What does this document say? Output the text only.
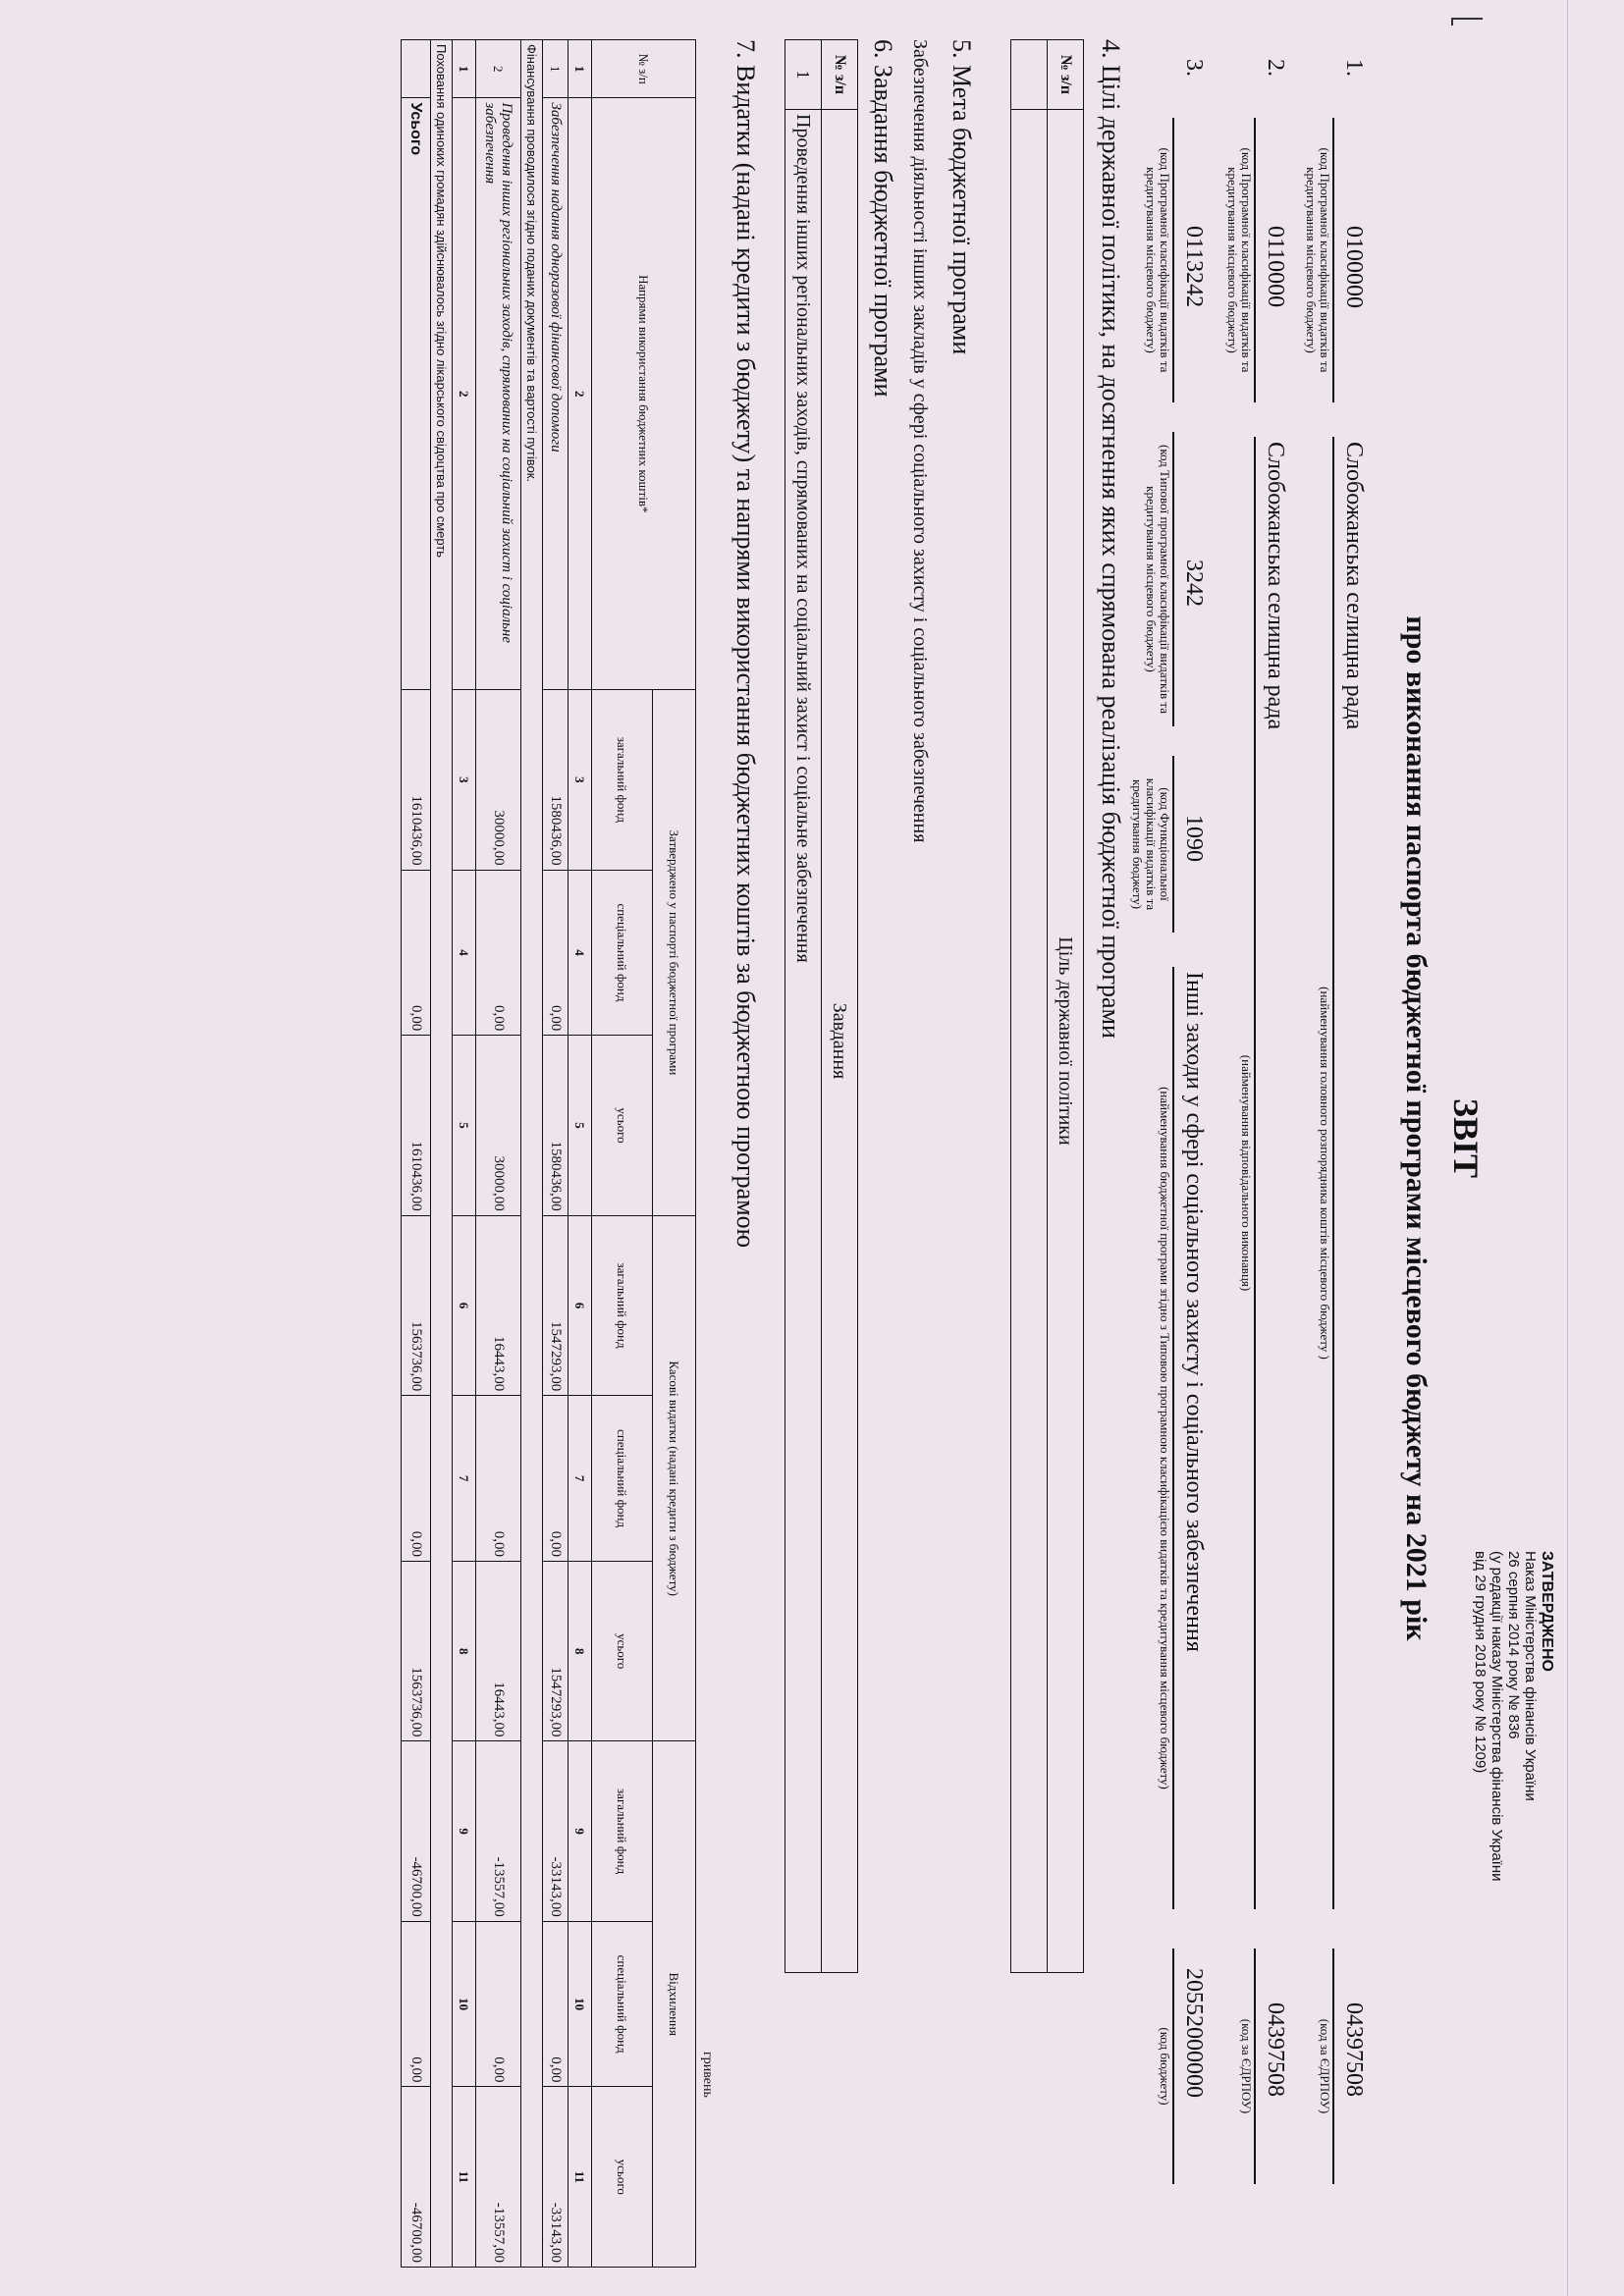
ЗАТВЕРДЖЕНО
Наказ Міністерства фінансів України
26 серпня 2014 року № 836
(у редакції наказу Міністерства фінансів України
від 29 грудня 2018 року № 1209)
ЗВІТ
про виконання паспорта бюджетної програми місцевого бюджету на 2021 рік
1.
0100000
(код Програмної класифікації видатків та кредитування місцевого бюджету)
Слобожанська селищна рада
(найменування головного розпорядника коштів місцевого бюджету )
04397508
(код за ЄДРПОУ)
2.
0110000
(код Програмної класифікації видатків та кредитування місцевого бюджету)
Слобожанська селищна рада
(найменування відповідального виконавця)
04397508
(код за ЄДРПОУ)
3.
0113242
(код Програмної класифікації видатків та кредитування місцевого бюджету)
3242
(код Типової програмної класифікації видатків та кредитування місцевого бюджету)
1090
(код Функціональної класифікації видатків та кредитування бюджету)
Інші заходи у сфері соціального захисту і соціального забезпечення
(найменування бюджетної програми згідно з Типовою програмною класифікацією видатків та кредитування місцевого бюджету)
20552000000
(код бюджету)
4. Цілі державної політики, на досягнення яких спрямована реалізація бюджетної програми
№ з/п	Ціль державної політики

5. Мета бюджетної програми
Забезпечення діяльності інших закладів у сфері соціального захисту і соціального забезпечення
6. Завдання бюджетної програми
№ з/п	Завдання
1	Проведення інших регіональних заходів, спрямованих на соціальний захист і соціальне забезпечення
7. Видатки (надані кредити з бюджету) та напрями використання бюджетних коштів за бюджетною програмою
гривень
№ з/п	Напрями використання бюджетних коштів*	Затверджено у паспорті бюджетної програми			Касові видатки (надані кредити з бюджету)			Відхилення		
		загальний фонд	спеціальний фонд	усього	загальний фонд	спеціальний фонд	усього	загальний фонд	спеціальний фонд	усього
1	2	3	4	5	6	7	8	9	10	11
1	Забезпечення надання одноразової фінансової допомоги	1580436,00	0,00	1580436,00	1547293,00	0,00	1547293,00	-33143,00	0,00	-33143,00
Фінансування проводилося згідно поданих документів та вартості путівок.										
2	Проведення інших регіональних заходів, спрямованих на соціальний захист і соціальне забезпечення	30000,00	0,00	30000,00	16443,00	0,00	16443,00	-13557,00	0,00	-13557,00
1	2	3	4	5	6	7	8	9	10	11
Поховання одиноких громадян здійснювалось згідно лікарського свідоцтва про смерть										
	Усього	1610436,00	0,00	1610436,00	1563736,00	0,00	1563736,00	-46700,00	0,00	-46700,00
